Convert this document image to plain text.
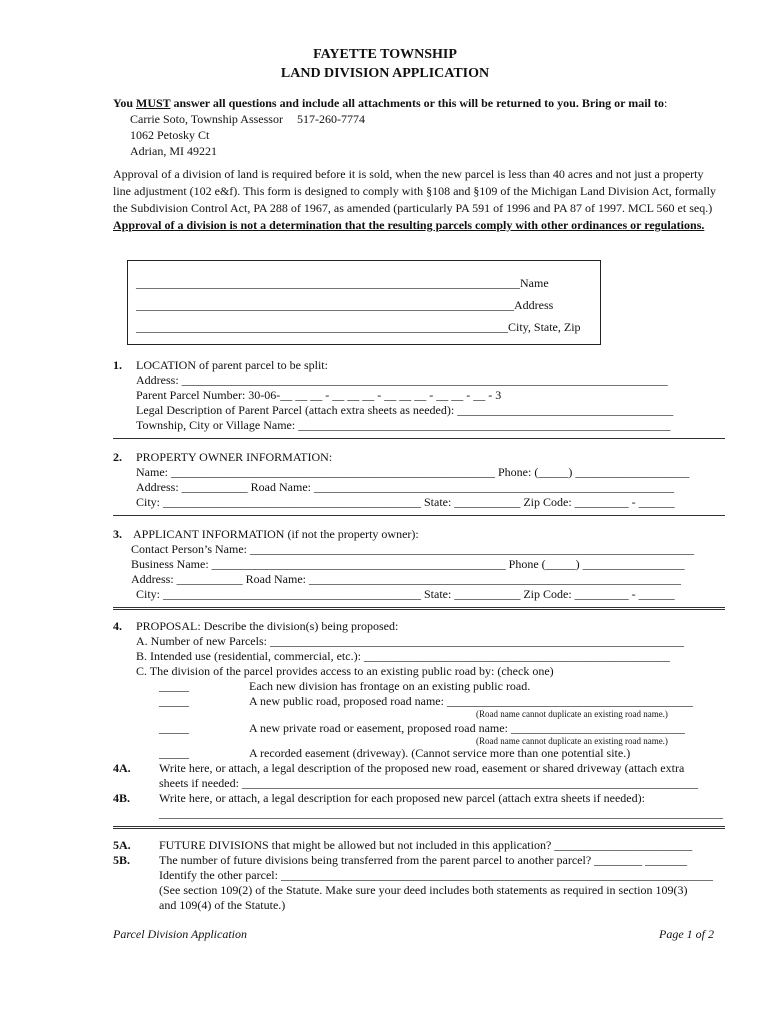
FAYETTE TOWNSHIP
LAND DIVISION APPLICATION
You MUST answer all questions and include all attachments or this will be returned to you. Bring or mail to:
Carrie Soto, Township Assessor 517-260-7774
1062 Petosky Ct
Adrian, MI 49221
Approval of a division of land is required before it is sold, when the new parcel is less than 40 acres and not just a property line adjustment (102 e&f). This form is designed to comply with §108 and §109 of the Michigan Land Division Act, formally the Subdivision Control Act, PA 288 of 1967, as amended (particularly PA 591 of 1996 and PA 87 of 1997. MCL 560 et seq.) Approval of a division is not a determination that the resulting parcels comply with other ordinances or regulations.
________________________________________________________________Name
_______________________________________________________________Address
______________________________________________________________City, State, Zip
1. LOCATION of parent parcel to be split:
Address: _________________________________________________________________________________
Parent Parcel Number: 30-06-__ __ __ - __ __ __ - __ __ __ - __ __ - __ - 3
Legal Description of Parent Parcel (attach extra sheets as needed): ____________________________________
Township, City or Village Name: ______________________________________________________________
2. PROPERTY OWNER INFORMATION:
Name: ______________________________________________________ Phone: (_____) ___________________
Address: ___________ Road Name: ____________________________________________________________
City: ___________________________________________ State: ___________ Zip Code: _________ - ______
3. APPLICANT INFORMATION (if not the property owner):
Contact Person’s Name: __________________________________________________________________________
Business Name: _________________________________________________ Phone (_____) _________________
Address: ___________ Road Name: ______________________________________________________________
City: ___________________________________________ State: ___________ Zip Code: _________ - ______
4. PROPOSAL: Describe the division(s) being proposed:
A. Number of new Parcels: _____________________________________________________________________
B. Intended use (residential, commercial, etc.): ___________________________________________________
C. The division of the parcel provides access to an existing public road by: (check one)
_____	Each new division has frontage on an existing public road.
_____	A new public road, proposed road name: _________________________________________
(Road name cannot duplicate an existing road name.)
_____	A new private road or easement, proposed road name: _____________________________
(Road name cannot duplicate an existing road name.)
_____	A recorded easement (driveway). (Cannot service more than one potential site.)
4A. Write here, or attach, a legal description of the proposed new road, easement or shared driveway (attach extra
sheets if needed: ____________________________________________________________________________
4B. Write here, or attach, a legal description for each proposed new parcel (attach extra sheets if needed):
______________________________________________________________________________________________
5A. FUTURE DIVISIONS that might be allowed but not included in this application? _______________________
5B. The number of future divisions being transferred from the parent parcel to another parcel? ________ _______
Identify the other parcel: ________________________________________________________________________
(See section 109(2) of the Statute. Make sure your deed includes both statements as required in section 109(3)
and 109(4) of the Statute.)
Parcel Division Application	Page 1 of 2
